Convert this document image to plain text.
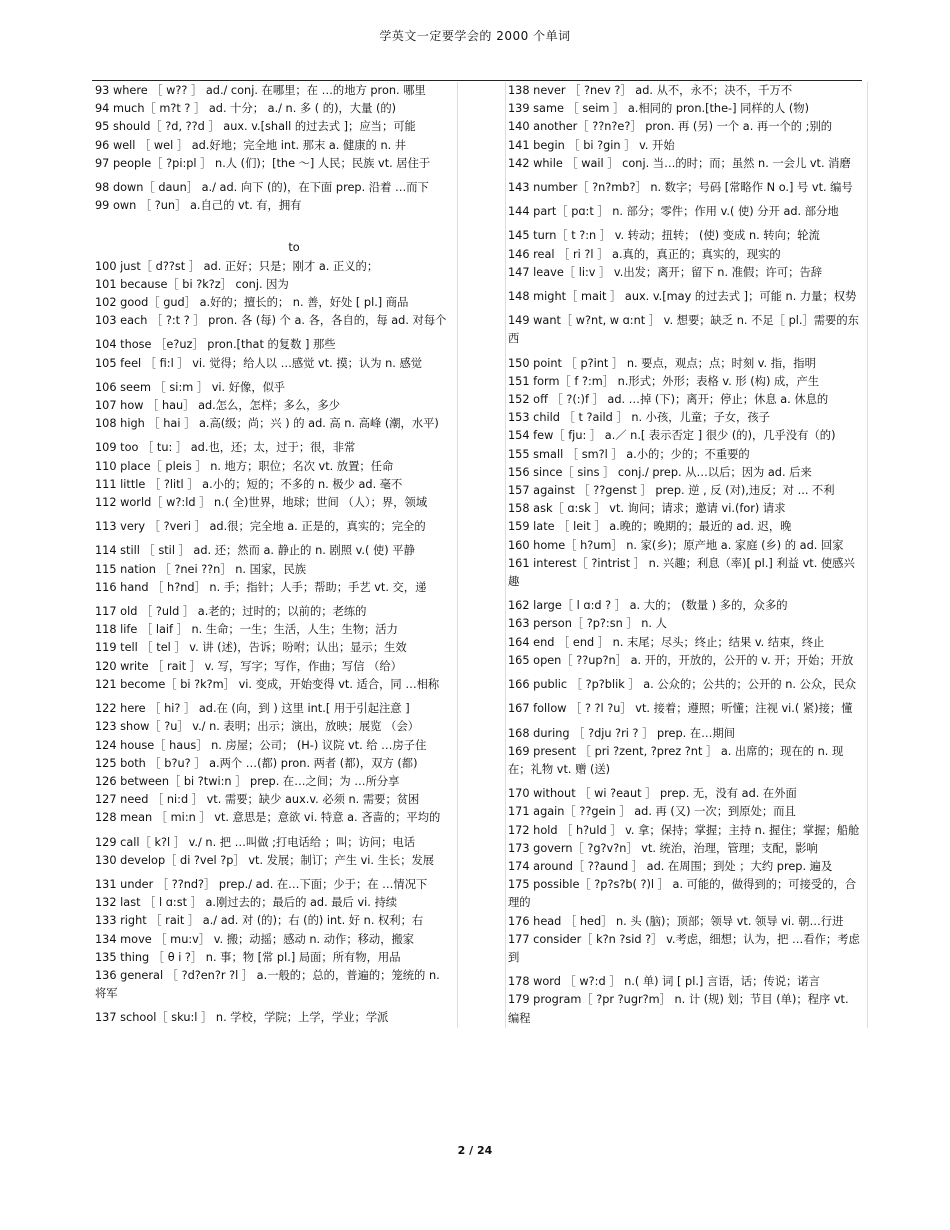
学英文一定要学会的 2000 个单词

93 where ［ w?? ］ ad./ conj. 在哪里；在 …的地方 pron. 哪里

94 much［ m?t ? ］ ad. 十分； a./ n. 多 ( 的)，大量 (的)

95 should［ ?d, ??d ］ aux. v.[shall 的过去式 ]；应当；可能

96 well ［ wel ］ ad.好地；完全地 int. 那末 a. 健康的 n. 井

97 people［ ?pi:pl ］ n.人 (们)；[the ～] 人民；民族 vt. 居住于

98 down［ daun］ a./ ad. 向下 (的)，在下面 prep. 沿着 …而下

99 own ［ ?un］ a.自己的 vt. 有，拥有

to

100 just［ d??st ］ ad. 正好；只是；刚才 a. 正义的；

101 because［ bi ?k?z］ conj. 因为

102 good［ gud］ a.好的；擅长的； n. 善，好处 [ pl.] 商品

103 each ［ ?:t ? ］ pron. 各 (每) 个 a. 各，各自的，每 ad. 对每个

104 those ［e?uz］ pron.[that 的复数 ] 那些

105 feel ［ fi:l ］ vi. 觉得；给人以 …感觉 vt. 摸；认为 n. 感觉

106 seem ［ si:m ］ vi. 好像，似乎

107 how ［ hau］ ad.怎么，怎样；多么，多少

108 high ［ hai ］ a.高(级；尚；兴 ) 的 ad. 高 n. 高峰 (潮，水平)

109 too ［ tu: ］ ad.也，还；太，过于；很，非常

110 place［ pleis ］ n. 地方；职位；名次 vt. 放置；任命

111 little ［ ?litl ］ a.小的；短的；不多的 n. 极少 ad. 毫不

112 world［ w?:ld ］ n.( 全)世界，地球；世间 （人）；界，领域

113 very ［ ?veri ］ ad.很；完全地 a. 正是的，真实的；完全的

114 still ［ stil ］ ad. 还；然而 a. 静止的 n. 剧照 v.( 使) 平静

115 nation ［ ?nei ??n］ n. 国家，民族

116 hand ［ h?nd］ n. 手；指针；人手；帮助；手艺 vt. 交，递

117 old ［ ?uld ］ a.老的；过时的；以前的；老练的

118 life ［ laif ］ n. 生命；一生；生活，人生；生物；活力

119 tell ［ tel ］ v. 讲 (述)，告诉；吩咐；认出；显示；生效

120 write ［ rait ］ v. 写，写字；写作，作曲；写信 （给）

121 become［ bi ?k?m］ vi. 变成，开始变得 vt. 适合，同 …相称

122 here ［ hi? ］ ad.在 (向，到 ) 这里 int.[ 用于引起注意 ]

123 show［ ?u］ v./ n. 表明；出示；演出，放映；展览 （会）

124 house［ haus］ n. 房屋；公司； (H-) 议院 vt. 给 …房子住

125 both ［ b?u? ］ a.两个 …(都) pron. 两者 (都)，双方 (都)

126 between［ bi ?twi:n ］ prep. 在…之间；为 …所分享

127 need ［ ni:d ］ vt. 需要；缺少 aux.v. 必须 n. 需要；贫困

128 mean ［ mi:n ］ vt. 意思是；意欲 vi. 特意 a. 吝啬的；平均的

129 call［ k?l ］ v./ n. 把 …叫做 ;打电话给 ；叫；访问；电话

130 develop［ di ?vel ?p］ vt. 发展；制订；产生 vi. 生长；发展

131 under ［ ??nd?］ prep./ ad. 在…下面；少于；在 …情况下

132 last ［ l ɑ:st ］ a.刚过去的；最后的 ad. 最后 vi. 持续

133 right ［ rait ］ a./ ad. 对 (的)；右 (的) int. 好 n. 权利；右

134 move ［ mu:v］ v. 搬；动摇；感动 n. 动作；移动，搬家

135 thing ［ θ i ?］ n. 事；物 [常 pl.] 局面；所有物，用品

136 general ［ ?d?en?r ?l ］ a.一般的；总的，普遍的；笼统的 n. 将军

137 school［ sku:l ］ n. 学校，学院；上学，学业；学派

138 never ［ ?nev ?］ ad. 从不，永不；决不，千万不

139 same ［ seim ］ a.相同的 pron.[the-] 同样的人 (物)

140 another［ ??n?e?］ pron. 再 (另) 一个 a. 再一个的 ;别的

141 begin ［ bi ?gin ］ v. 开始

142 while ［ wail ］ conj. 当…的时；而；虽然 n. 一会儿 vt. 消磨

143 number［ ?n?mb?］ n. 数字；号码 [常略作 N o.] 号 vt. 编号

144 part［ pɑ:t ］ n. 部分；零件；作用 v.( 使) 分开 ad. 部分地

145 turn［ t ?:n ］ v. 转动；扭转； (使) 变成 n. 转向；轮流

146 real ［ ri ?l ］ a.真的，真正的；真实的，现实的

147 leave［ li:v ］ v.出发；离开；留下 n. 准假；许可；告辞

148 might［ mait ］ aux. v.[may 的过去式 ]；可能 n. 力量；权势

149 want［ w?nt, w ɑ:nt ］ v. 想要；缺乏 n. 不足［ pl.］需要的东西

150 point ［ p?int ］ n. 要点，观点；点；时刻 v. 指，指明

151 form［ f ?:m］ n.形式；外形；表格 v. 形 (构) 成，产生

152 off ［ ?(:)f ］ ad. …掉 (下)；离开；停止；休息 a. 休息的

153 child ［ t ?aild ］ n. 小孩，儿童；子女，孩子

154 few［ fju: ］ a.／ n.[ 表示否定 ] 很少 (的)，几乎没有（的)

155 small ［ sm?l ］ a.小的；少的；不重要的

156 since［ sins ］ conj./ prep. 从…以后；因为 ad. 后来

157 against ［ ??genst ］ prep. 逆 , 反 (对),违反；对 ... 不利

158 ask［ ɑ:sk ］ vt. 询问；请求；邀请 vi.(for) 请求

159 late ［ leit ］ a.晚的；晚期的；最近的 ad. 迟，晚

160 home［ h?um］ n. 家(乡)；原产地 a. 家庭 (乡) 的 ad. 回家

161 interest［ ?intrist ］ n. 兴趣；利息（率)[ pl.] 利益 vt. 使感兴趣

162 large［ l ɑ:d ? ］ a. 大的； (数量 ) 多的，众多的

163 person［ ?p?:sn ］ n. 人

164 end ［ end ］ n. 末尾；尽头；终止；结果 v. 结束，终止

165 open［ ??up?n］ a. 开的，开放的，公开的 v. 开；开始；开放

166 public ［ ?p?blik ］ a. 公众的；公共的；公开的 n. 公众，民众

167 follow ［ ? ?l ?u］ vt. 接着；遵照；听懂；注视 vi.( 紧)接；懂

168 during ［ ?dju ?ri ? ］ prep. 在…期间

169 present ［ pri ?zent, ?prez ?nt ］ a. 出席的；现在的 n. 现在；礼物 vt. 赠 (送)

170 without ［ wi ?eaut ］ prep. 无，没有 ad. 在外面

171 again［ ??gein ］ ad. 再 (又) 一次；到原处；而且

172 hold ［ h?uld ］ v. 拿；保持；掌握；主持 n. 握住；掌握；船舱

173 govern［ ?g?v?n］ vt. 统治，治理，管理；支配，影响

174 around［ ??aund ］ ad. 在周围；到处 ；大约 prep. 遍及

175 possible［ ?p?s?b( ?)l ］ a. 可能的，做得到的；可接受的，合理的

176 head ［ hed］ n. 头 (脑)；顶部；领导 vt. 领导 vi. 朝…行进

177 consider［ k?n ?sid ?］ v.考虑，细想；认为，把 …看作；考虑到

178 word ［ w?:d ］ n.( 单) 词 [ pl.] 言语，话；传说；诺言

179 program［ ?pr ?ugr?m］ n. 计 (规) 划；节目 (单)；程序 vt. 编程

2 / 24
